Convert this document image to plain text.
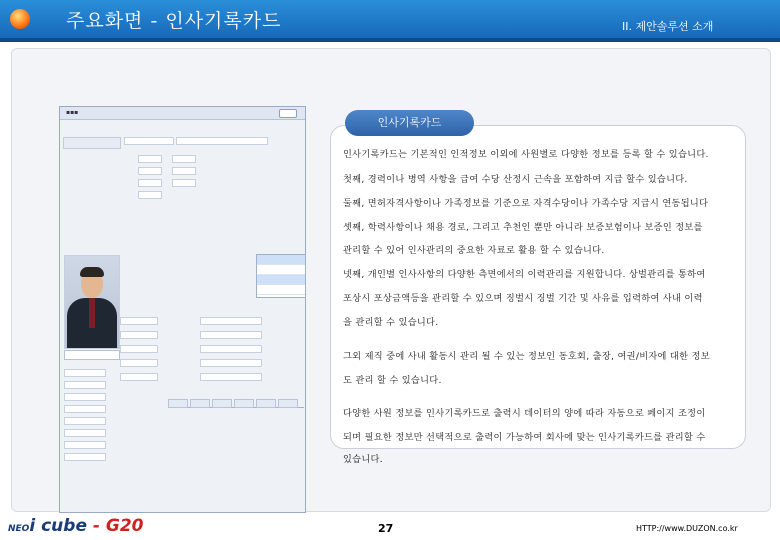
주요화면 - 인사기록카드	II. 제안솔루션 소개
▪▪▪
인사기록카드

인사기록카드는 기본적인 인적정보 이외에 사원별로 다양한 정보를 등록 할 수 있습니다.

첫째, 경력이나 병역 사항을 급여 수당 산정시 근속을 포함하여 지급 할수 있습니다.

둘째, 면허자격사항이나 가족정보를 기준으로 자격수당이나 가족수당 지급시 연동됩니다

셋째, 학력사항이나 채용 경로, 그리고 추천인 뿐만 아니라 보증보험이나 보증인 정보를

관리할 수 있어 인사관리의 중요한 자료로 활용 할 수 있습니다.

넷째, 개인별 인사사항의 다양한 측면에서의 이력관리를 지원합니다. 상벌관리를 통하여

포상시 포상금액등을 관리할 수 있으며 징벌시 징벌 기간 및 사유를 입력하여 사내 이력

을 관리할 수 있습니다.

그외 제직 중에 사내 활동시 관리 될 수 있는 정보인 동호회, 출장, 여권/비자에 대한 정보

도 관리 할 수 있습니다.

다양한 사원 정보를 인사기록카드로 출력시 데이터의 양에 따라 자동으로 페이지 조정이

되며 필요한 정보만 선택적으로 출력이 가능하여 회사에 맞는 인사기록카드를 관리할 수

있습니다.

NEOi cube - G20	27	HTTP://www.DUZON.co.kr
